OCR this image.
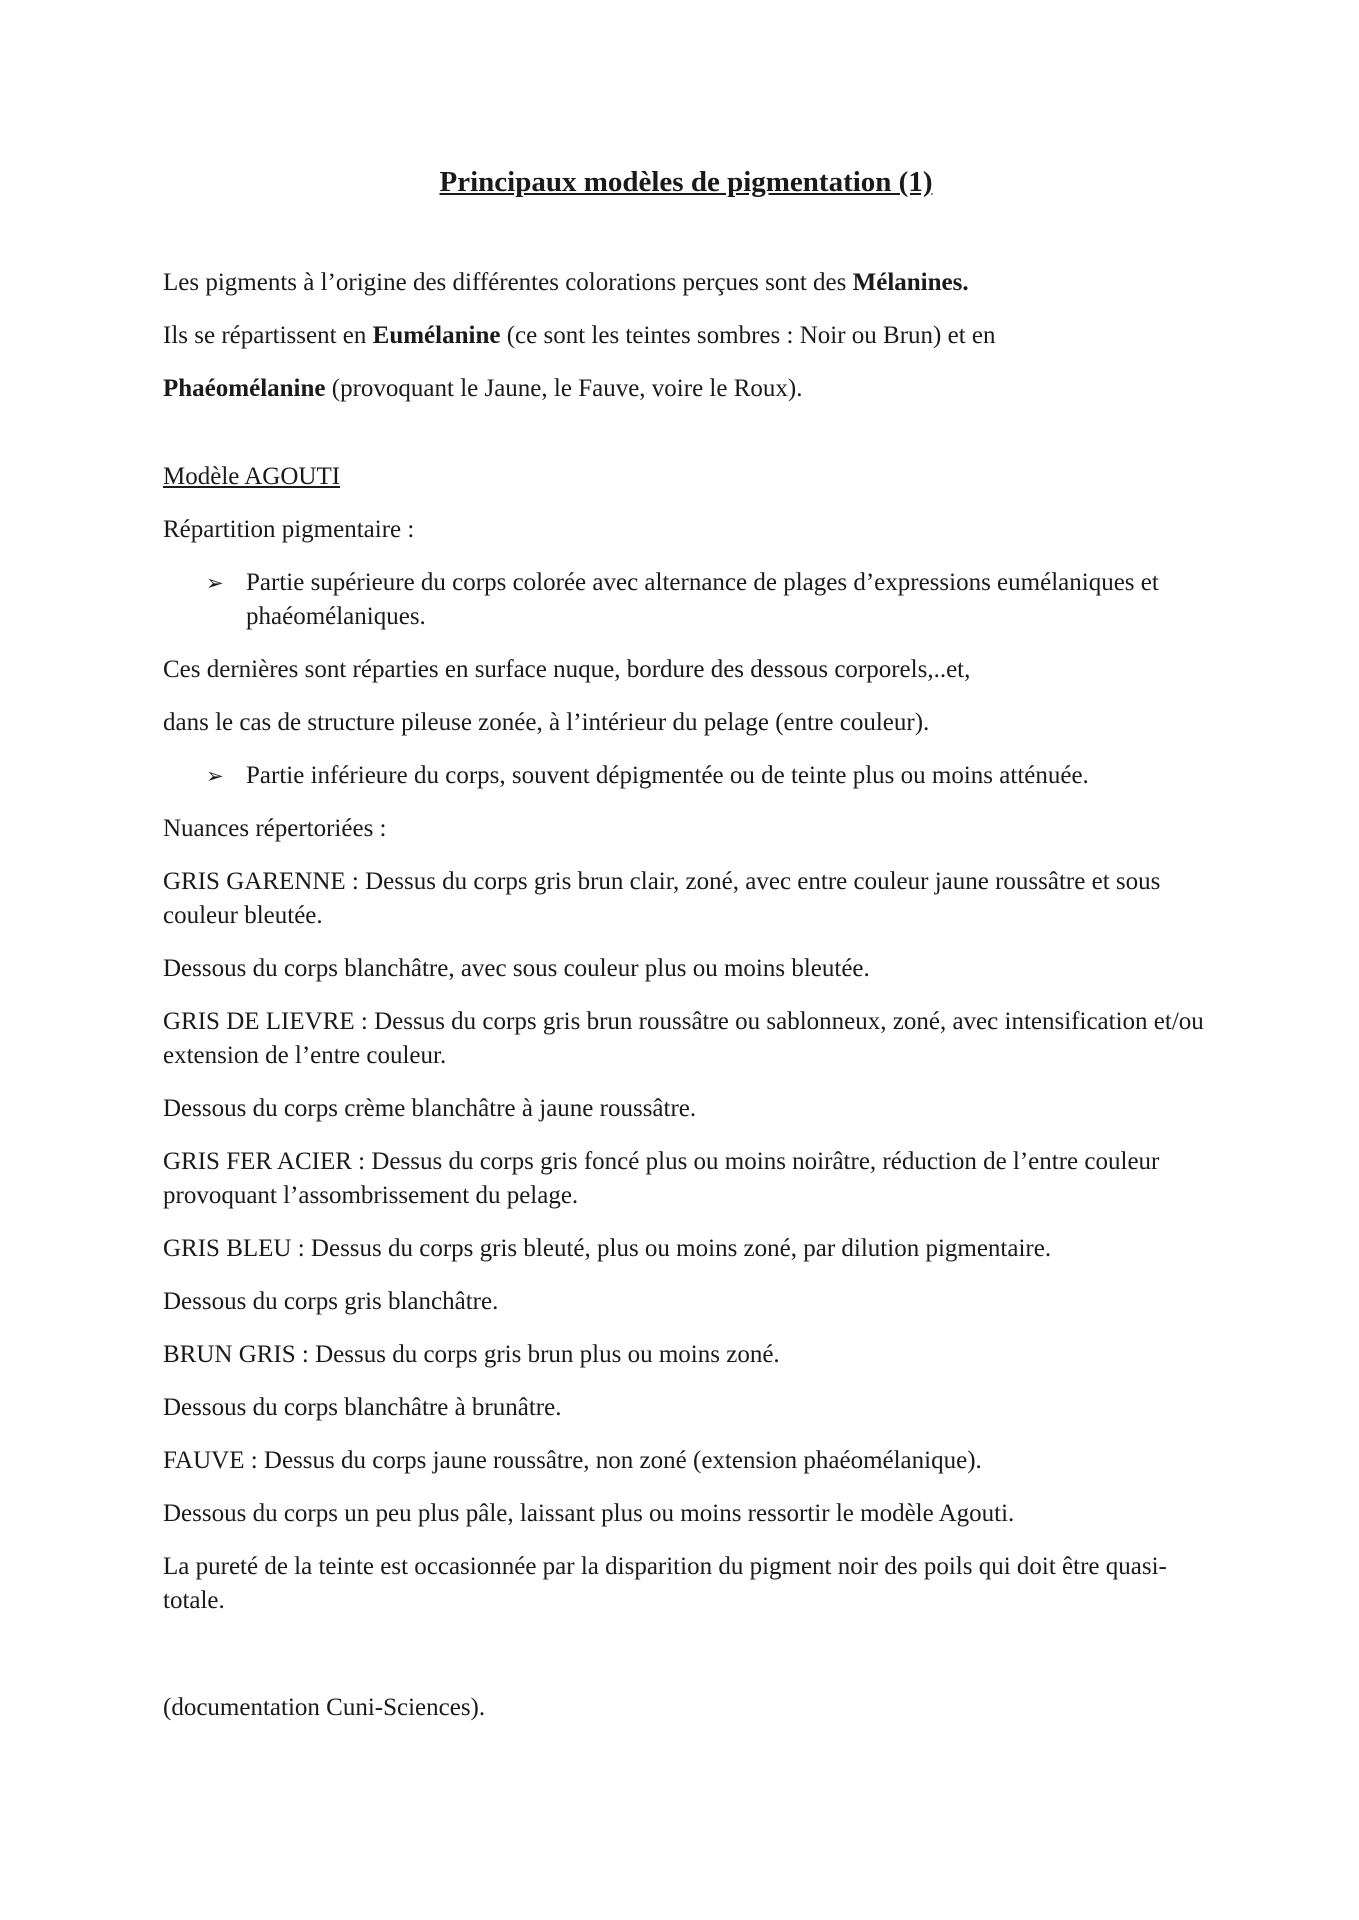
Principaux modèles de pigmentation (1)

Les pigments à l’origine des différentes colorations perçues sont des Mélanines.

Ils se répartissent en Eumélanine (ce sont les teintes sombres : Noir ou Brun) et en

Phaéomélanine (provoquant le Jaune, le Fauve, voire le Roux).

Modèle AGOUTI

Répartition pigmentaire :

➢ Partie supérieure du corps colorée avec alternance de plages d’expressions eumélaniques et phaéomélaniques.

Ces dernières sont réparties en surface nuque, bordure des dessous corporels,..et,

dans le cas de structure pileuse zonée, à l’intérieur du pelage (entre couleur).

➢ Partie inférieure du corps, souvent dépigmentée ou de teinte plus ou moins atténuée.

Nuances répertoriées :

GRIS GARENNE : Dessus du corps gris brun clair, zoné, avec entre couleur jaune roussâtre et sous couleur bleutée.

Dessous du corps blanchâtre, avec sous couleur plus ou moins bleutée.

GRIS DE LIEVRE : Dessus du corps gris brun roussâtre ou sablonneux, zoné, avec intensification et/ou extension de l’entre couleur.

Dessous du corps crème blanchâtre à jaune roussâtre.

GRIS FER ACIER : Dessus du corps gris foncé plus ou moins noirâtre, réduction de l’entre couleur provoquant l’assombrissement du pelage.

GRIS BLEU : Dessus du corps gris bleuté, plus ou moins zoné, par dilution pigmentaire.

Dessous du corps gris blanchâtre.

BRUN GRIS : Dessus du corps gris brun plus ou moins zoné.

Dessous du corps blanchâtre à brunâtre.

FAUVE : Dessus du corps jaune roussâtre, non zoné (extension phaéomélanique).

Dessous du corps un peu plus pâle, laissant plus ou moins ressortir le modèle Agouti.

La pureté de la teinte est occasionnée par la disparition du pigment noir des poils qui doit être quasi-totale.

(documentation Cuni-Sciences).
